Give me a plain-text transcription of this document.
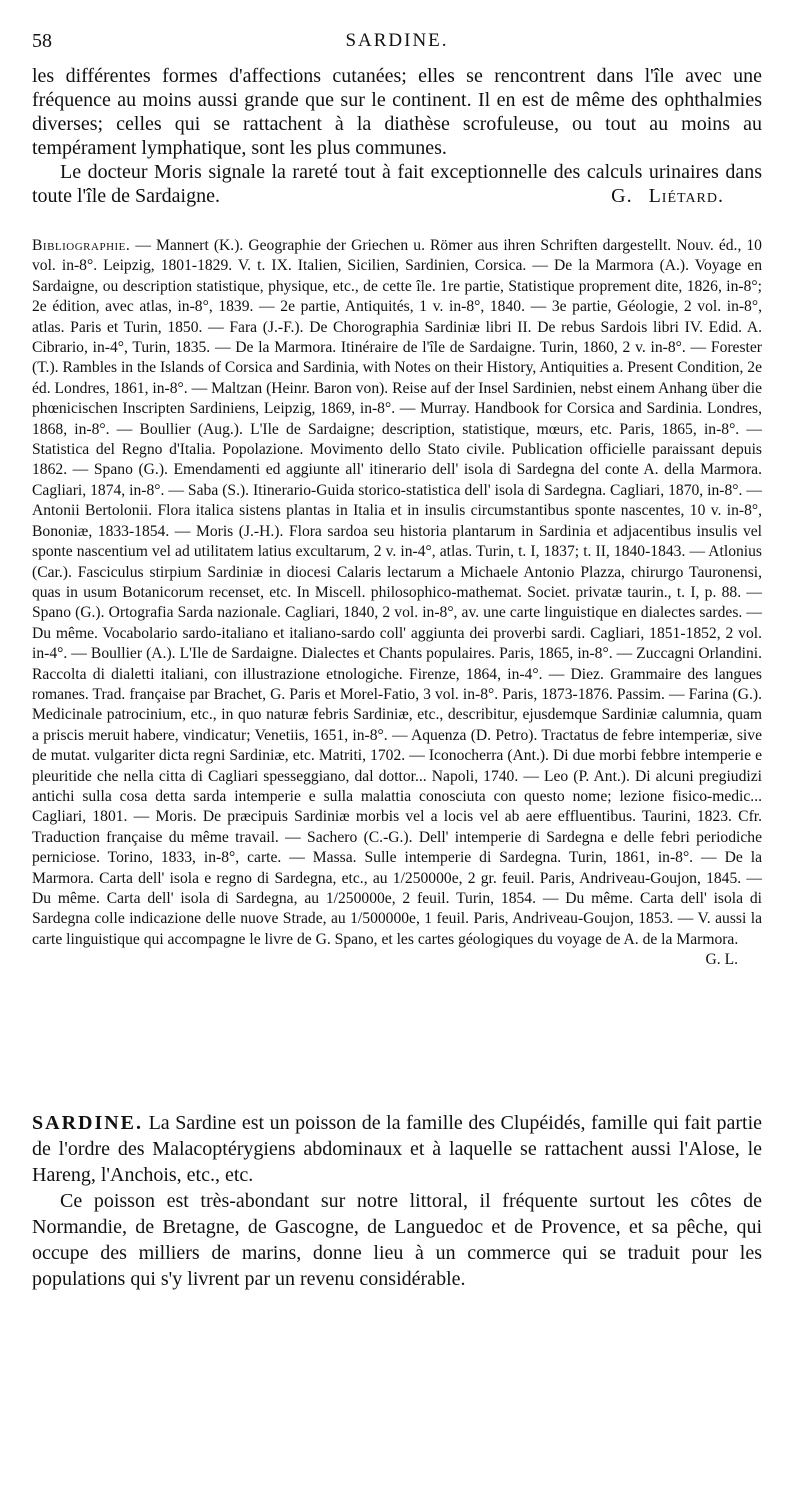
58	SARDINE.

les différentes formes d'affections cutanées; elles se rencontrent dans l'île avec une fréquence au moins aussi grande que sur le continent. Il en est de même des ophthalmies diverses; celles qui se rattachent à la diathèse scrofuleuse, ou tout au moins au tempérament lymphatique, sont les plus communes.

Le docteur Moris signale la rareté tout à fait exceptionnelle des calculs urinaires dans toute l'île de Sardaigne.	G. Liétard.

Bibliographie. — Mannert (K.). Geographie der Griechen u. Römer aus ihren Schriften dargestellt. Nouv. éd., 10 vol. in-8°. Leipzig, 1801-1829. V. t. IX. Italien, Sicilien, Sardinien, Corsica. — De la Marmora (A.). Voyage en Sardaigne, ou description statistique, physique, etc., de cette île. 1re partie, Statistique proprement dite, 1826, in-8°; 2e édition, avec atlas, in-8°, 1839. — 2e partie, Antiquités, 1 v. in-8°, 1840. — 3e partie, Géologie, 2 vol. in-8°, atlas. Paris et Turin, 1850. — Fara (J.-F.). De Chorographia Sardiniæ libri II. De rebus Sardois libri IV. Edid. A. Cibrario, in-4°, Turin, 1835. — De la Marmora. Itinéraire de l'île de Sardaigne. Turin, 1860, 2 v. in-8°. — Forester (T.). Rambles in the Islands of Corsica and Sardinia, with Notes on their History, Antiquities a. Present Condition, 2e éd. Londres, 1861, in-8°. — Maltzan (Heinr. Baron von). Reise auf der Insel Sardinien, nebst einem Anhang über die phœnicischen Inscripten Sardiniens, Leipzig, 1869, in-8°. — Murray. Handbook for Corsica and Sardinia. Londres, 1868, in-8°. — Boullier (Aug.). L'Ile de Sardaigne; description, statistique, mœurs, etc. Paris, 1865, in-8°. — Statistica del Regno d'Italia. Popolazione. Movimento dello Stato civile. Publication officielle paraissant depuis 1862. — Spano (G.). Emendamenti ed aggiunte all' itinerario dell' isola di Sardegna del conte A. della Marmora. Cagliari, 1874, in-8°. — Saba (S.). Itinerario-Guida storico-statistica dell' isola di Sardegna. Cagliari, 1870, in-8°. — Antonii Bertolonii. Flora italica sistens plantas in Italia et in insulis circumstantibus sponte nascentes, 10 v. in-8°, Bononiæ, 1833-1854. — Moris (J.-H.). Flora sardoa seu historia plantarum in Sardinia et adjacentibus insulis vel sponte nascentium vel ad utilitatem latius excultarum, 2 v. in-4°, atlas. Turin, t. I, 1837; t. II, 1840-1843. — Atlonius (Car.). Fasciculus stirpium Sardiniæ in diocesi Calaris lectarum a Michaele Antonio Plazza, chirurgo Tauronensi, quas in usum Botanicorum recenset, etc. In Miscell. philosophico-mathemat. Societ. privatæ taurin., t. I, p. 88. — Spano (G.). Ortografia Sarda nazionale. Cagliari, 1840, 2 vol. in-8°, av. une carte linguistique en dialectes sardes. — Du même. Vocabolario sardo-italiano et italiano-sardo coll' aggiunta dei proverbi sardi. Cagliari, 1851-1852, 2 vol. in-4°. — Boullier (A.). L'Ile de Sardaigne. Dialectes et Chants populaires. Paris, 1865, in-8°. — Zuccagni Orlandini. Raccolta di dialetti italiani, con illustrazione etnologiche. Firenze, 1864, in-4°. — Diez. Grammaire des langues romanes. Trad. française par Brachet, G. Paris et Morel-Fatio, 3 vol. in-8°. Paris, 1873-1876. Passim. — Farina (G.). Medicinale patrocinium, etc., in quo naturæ febris Sardiniæ, etc., describitur, ejusdemque Sardiniæ calumnia, quam a priscis meruit habere, vindicatur; Venetiis, 1651, in-8°. — Aquenza (D. Petro). Tractatus de febre intemperiæ, sive de mutat. vulgariter dicta regni Sardiniæ, etc. Matriti, 1702. — Iconocherra (Ant.). Di due morbi febbre intemperie e pleuritide che nella citta di Cagliari spesseggiano, dal dottor... Napoli, 1740. — Leo (P. Ant.). Di alcuni pregiudizi antichi sulla cosa detta sarda intemperie e sulla malattia conosciuta con questo nome; lezione fisico-medic... Cagliari, 1801. — Moris. De præcipuis Sardiniæ morbis vel a locis vel ab aere effluentibus. Taurini, 1823. Cfr. Traduction française du même travail. — Sachero (C.-G.). Dell' intemperie di Sardegna e delle febri periodiche perniciose. Torino, 1833, in-8°, carte. — Massa. Sulle intemperie di Sardegna. Turin, 1861, in-8°. — De la Marmora. Carta dell' isola e regno di Sardegna, etc., au 1/250000e, 2 gr. feuil. Paris, Andriveau-Goujon, 1845. — Du même. Carta dell' isola di Sardegna, au 1/250000e, 2 feuil. Turin, 1854. — Du même. Carta dell' isola di Sardegna colle indicazione delle nuove Strade, au 1/500000e, 1 feuil. Paris, Andriveau-Goujon, 1853. — V. aussi la carte linguistique qui accompagne le livre de G. Spano, et les cartes géologiques du voyage de A. de la Marmora.
G. L.

SARDINE. La Sardine est un poisson de la famille des Clupéidés, famille qui fait partie de l'ordre des Malacoptérygiens abdominaux et à laquelle se rattachent aussi l'Alose, le Hareng, l'Anchois, etc., etc.

Ce poisson est très-abondant sur notre littoral, il fréquente surtout les côtes de Normandie, de Bretagne, de Gascogne, de Languedoc et de Provence, et sa pêche, qui occupe des milliers de marins, donne lieu à un commerce qui se traduit pour les populations qui s'y livrent par un revenu considérable.
